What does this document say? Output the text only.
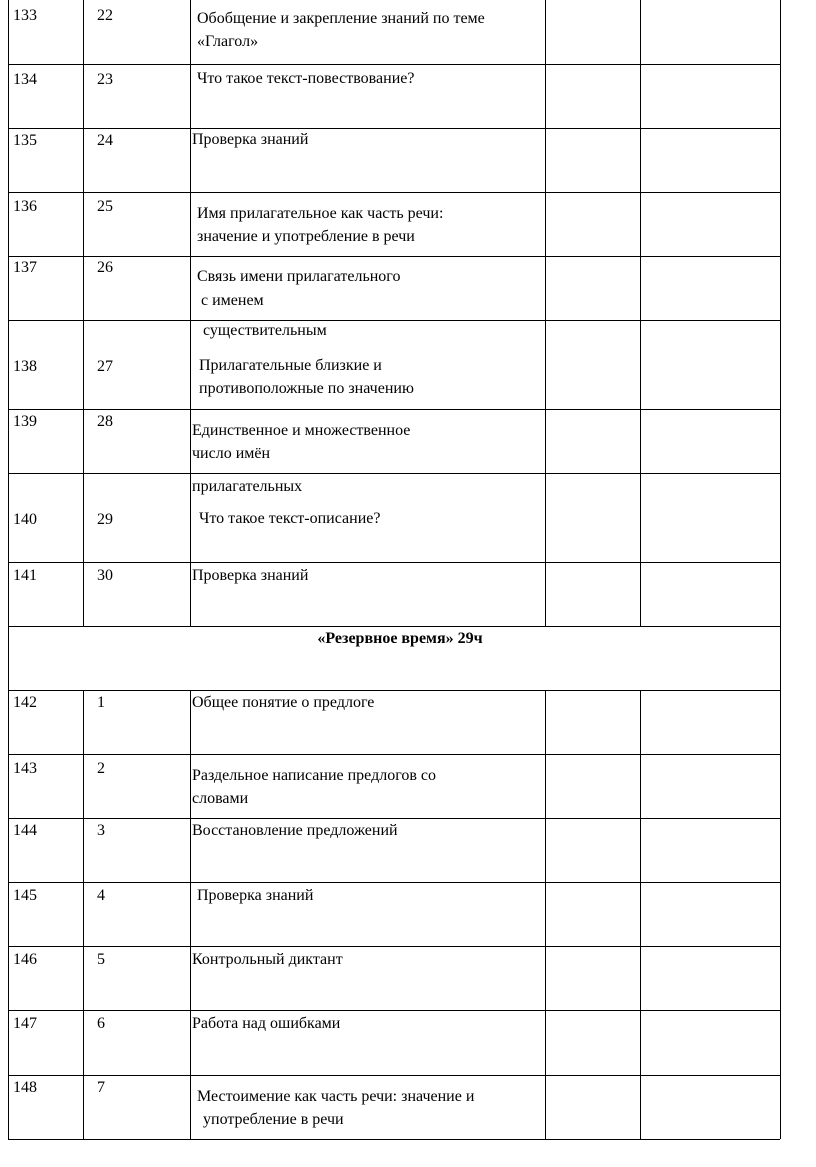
133	22	Обобщение и закрепление знаний по теме
«Глагол»
134	23	Что такое текст-повествование?
135	24	Проверка знаний
136	25	Имя прилагательное как часть речи:
значение и употребление в речи
137	26
Связь имени прилагательного
с именем
существительным
138	27	Прилагательные близкие и
противоположные по значению
139	28
Единственное и множественное
число имён
прилагательных
140	29	Что такое текст-описание?
141	30	Проверка знаний
«Резервное время» 29ч
142	1	Общее понятие о предлоге
143	2	Раздельное написание предлогов со
словами
144	3	Восстановление предложений
145	4	Проверка знаний
146	5	Контрольный диктант
147	6	Работа над ошибками
148	7
Местоимение как часть речи: значение и
употребление в речи
